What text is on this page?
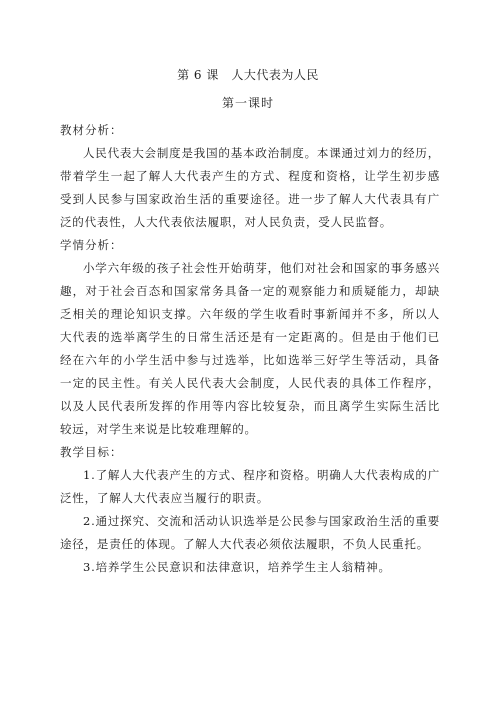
第 6 课　人大代表为人民
第一课时

教材分析：

人民代表大会制度是我国的基本政治制度。本课通过刘力的经历，带着学生一起了解人大代表产生的方式、程度和资格，让学生初步感受到人民参与国家政治生活的重要途径。进一步了解人大代表具有广泛的代表性，人大代表依法履职，对人民负责，受人民监督。

学情分析：

小学六年级的孩子社会性开始萌芽，他们对社会和国家的事务感兴趣，对于社会百态和国家常务具备一定的观察能力和质疑能力，却缺乏相关的理论知识支撑。六年级的学生收看时事新闻并不多，所以人大代表的选举离学生的日常生活还是有一定距离的。但是由于他们已经在六年的小学生活中参与过选举，比如选举三好学生等活动，具备一定的民主性。有关人民代表大会制度，人民代表的具体工作程序，以及人民代表所发挥的作用等内容比较复杂，而且离学生实际生活比较远，对学生来说是比较难理解的。

教学目标：

1.了解人大代表产生的方式、程序和资格。明确人大代表构成的广泛性，了解人大代表应当履行的职责。

2.通过探究、交流和活动认识选举是公民参与国家政治生活的重要途径，是责任的体现。了解人大代表必须依法履职，不负人民重托。

3.培养学生公民意识和法律意识，培养学生主人翁精神。
